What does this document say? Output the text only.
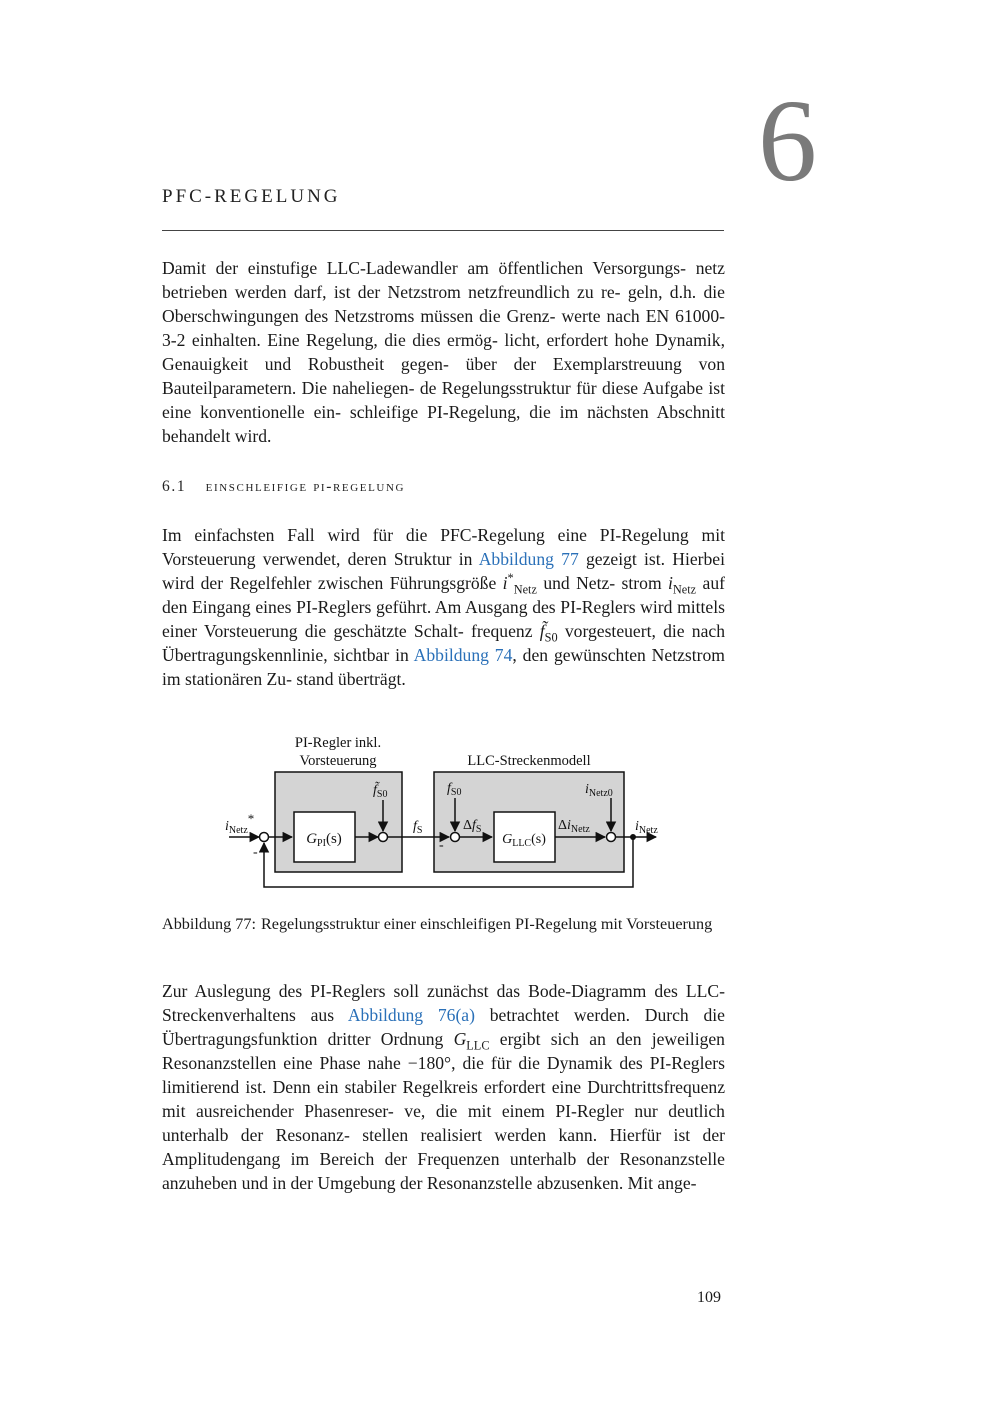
6
PFC-REGELUNG
Damit der einstufige LLC-Ladewandler am öffentlichen Versorgungs- netz betrieben werden darf, ist der Netzstrom netzfreundlich zu re- geln, d.h. die Oberschwingungen des Netzstroms müssen die Grenz- werte nach EN 61000-3-2 einhalten. Eine Regelung, die dies ermög- licht, erfordert hohe Dynamik, Genauigkeit und Robustheit gegen- über der Exemplarstreuung von Bauteilparametern. Die naheliegen- de Regelungsstruktur für diese Aufgabe ist eine konventionelle ein- schleifige PI-Regelung, die im nächsten Abschnitt behandelt wird.
6.1 einschleifige pi-regelung
Im einfachsten Fall wird für die PFC-Regelung eine PI-Regelung mit Vorsteuerung verwendet, deren Struktur in Abbildung 77 gezeigt ist. Hierbei wird der Regelfehler zwischen Führungsgröße $i^*_{Netz}$ und Netz- strom $i_{Netz}$ auf den Eingang eines PI-Reglers geführt. Am Ausgang des PI-Reglers wird mittels einer Vorsteuerung die geschätzte Schalt- frequenz $f̃_{S0}$ vorgesteuert, die nach Übertragungskennlinie, sichtbar in Abbildung 74, den gewünschten Netzstrom im stationären Zu- stand überträgt.
PI-Regler inkl.
Vorsteuerung	LLC-Streckenmodell
$i_{Netz}*$
-
$G_{PI}(s)$
$f̃_{S0}$
$f_S$
-
$f_{S0}$
$\Delta f_S$
$G_{LLC}(s)$
$\Delta i_{Netz}$
$i_{Netz0}$
$i_{Netz}$
Abbildung 77: Regelungsstruktur einer einschleifigen PI-Regelung mit Vorsteuerung
Zur Auslegung des PI-Reglers soll zunächst das Bode-Diagramm des LLC-Streckenverhaltens aus Abbildung 76(a) betrachtet werden. Durch die Übertragungsfunktion dritter Ordnung $G_{LLC}$ ergibt sich an den jeweiligen Resonanzstellen eine Phase nahe −180°, die für die Dynamik des PI-Reglers limitierend ist. Denn ein stabiler Regelkreis erfordert eine Durchtrittsfrequenz mit ausreichender Phasenreser- ve, die mit einem PI-Regler nur deutlich unterhalb der Resonanz- stellen realisiert werden kann. Hierfür ist der Amplitudengang im Bereich der Frequenzen unterhalb der Resonanzstelle anzuheben und in der Umgebung der Resonanzstelle abzusenken. Mit ange-
109
